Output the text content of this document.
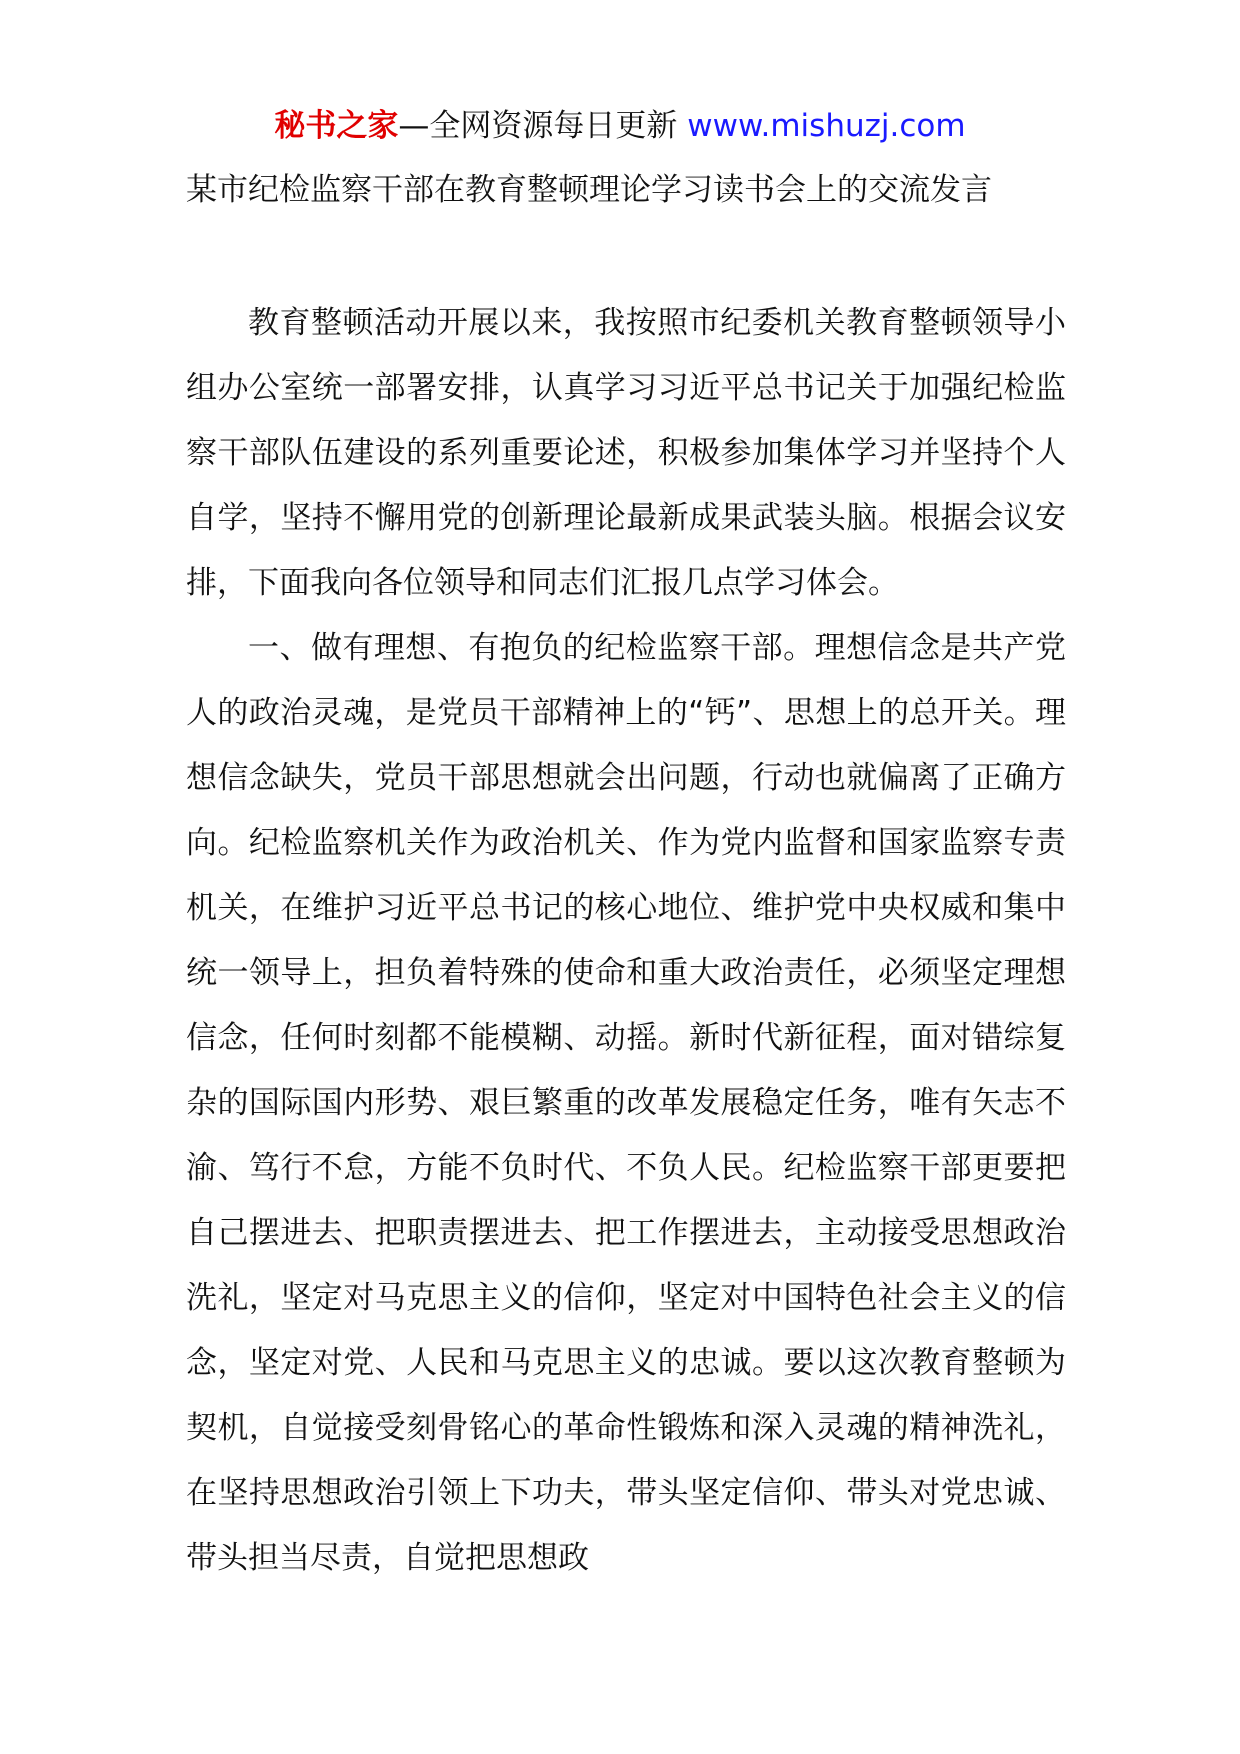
秘书之家—全网资源每日更新 www.mishuzj.com
某市纪检监察干部在教育整顿理论学习读书会上的交流发言

教育整顿活动开展以来，我按照市纪委机关教育整顿领导小组办公室统一部署安排，认真学习习近平总书记关于加强纪检监察干部队伍建设的系列重要论述，积极参加集体学习并坚持个人自学，坚持不懈用党的创新理论最新成果武装头脑。根据会议安排，下面我向各位领导和同志们汇报几点学习体会。

一、做有理想、有抱负的纪检监察干部。理想信念是共产党人的政治灵魂，是党员干部精神上的“钙”、思想上的总开关。理想信念缺失，党员干部思想就会出问题，行动也就偏离了正确方向。纪检监察机关作为政治机关、作为党内监督和国家监察专责机关，在维护习近平总书记的核心地位、维护党中央权威和集中统一领导上，担负着特殊的使命和重大政治责任，必须坚定理想信念，任何时刻都不能模糊、动摇。新时代新征程，面对错综复杂的国际国内形势、艰巨繁重的改革发展稳定任务，唯有矢志不渝、笃行不怠，方能不负时代、不负人民。纪检监察干部更要把自己摆进去、把职责摆进去、把工作摆进去，主动接受思想政治洗礼，坚定对马克思主义的信仰，坚定对中国特色社会主义的信念，坚定对党、人民和马克思主义的忠诚。要以这次教育整顿为契机，自觉接受刻骨铭心的革命性锻炼和深入灵魂的精神洗礼，在坚持思想政治引领上下功夫，带头坚定信仰、带头对党忠诚、带头担当尽责，自觉把思想政
